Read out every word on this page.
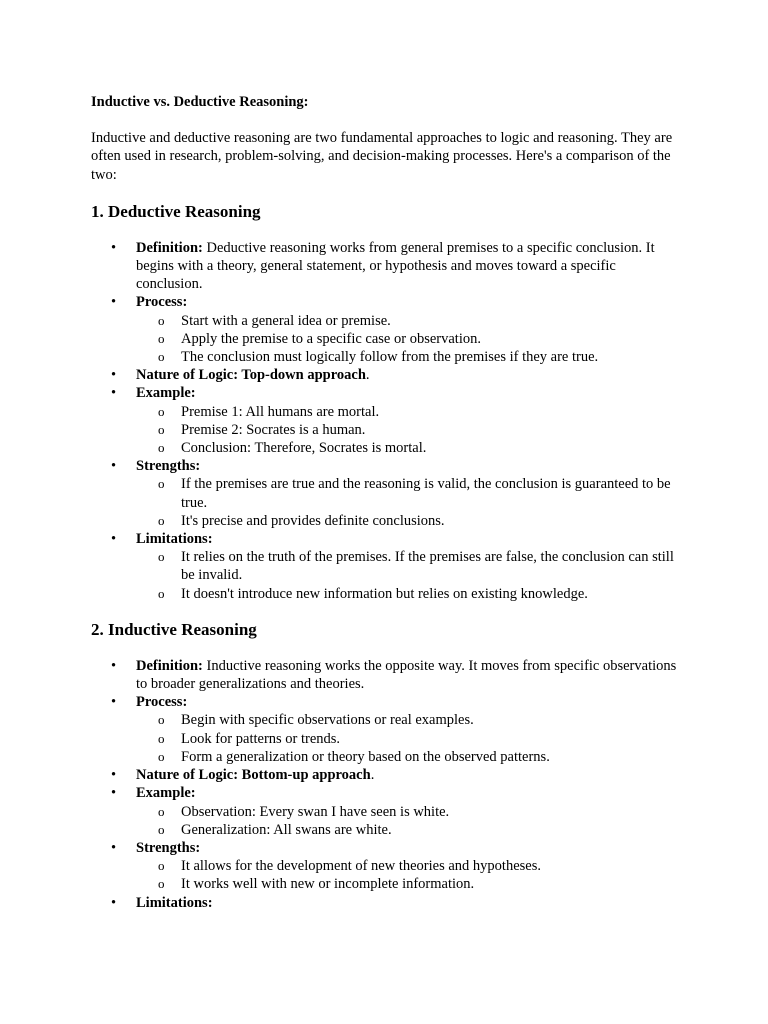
Inductive vs. Deductive Reasoning:

Inductive and deductive reasoning are two fundamental approaches to logic and reasoning. They are often used in research, problem-solving, and decision-making processes. Here's a comparison of the two:

1. Deductive Reasoning
• Definition: Deductive reasoning works from general premises to a specific conclusion. It begins with a theory, general statement, or hypothesis and moves toward a specific conclusion.
• Process:
o Start with a general idea or premise.
o Apply the premise to a specific case or observation.
o The conclusion must logically follow from the premises if they are true.
• Nature of Logic: Top-down approach.
• Example:
o Premise 1: All humans are mortal.
o Premise 2: Socrates is a human.
o Conclusion: Therefore, Socrates is mortal.
• Strengths:
o If the premises are true and the reasoning is valid, the conclusion is guaranteed to be true.
o It's precise and provides definite conclusions.
• Limitations:
o It relies on the truth of the premises. If the premises are false, the conclusion can still be invalid.
o It doesn't introduce new information but relies on existing knowledge.
2. Inductive Reasoning
• Definition: Inductive reasoning works the opposite way. It moves from specific observations to broader generalizations and theories.
• Process:
o Begin with specific observations or real examples.
o Look for patterns or trends.
o Form a generalization or theory based on the observed patterns.
• Nature of Logic: Bottom-up approach.
• Example:
o Observation: Every swan I have seen is white.
o Generalization: All swans are white.
• Strengths:
o It allows for the development of new theories and hypotheses.
o It works well with new or incomplete information.
• Limitations:
